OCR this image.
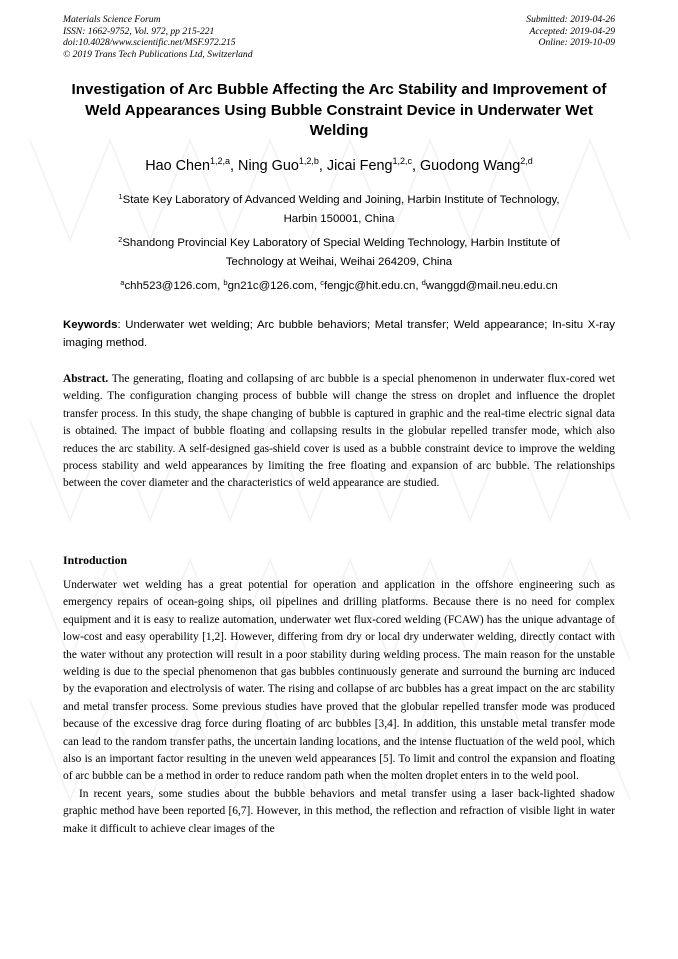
Materials Science Forum
ISSN: 1662-9752, Vol. 972, pp 215-221
doi:10.4028/www.scientific.net/MSF.972.215
© 2019 Trans Tech Publications Ltd, Switzerland
Submitted: 2019-04-26
Accepted: 2019-04-29
Online: 2019-10-09
Investigation of Arc Bubble Affecting the Arc Stability and Improvement of Weld Appearances Using Bubble Constraint Device in Underwater Wet Welding
Hao Chen$^{1,2,a}$, Ning Guo$^{1,2,b}$, Jicai Feng$^{1,2,c}$, Guodong Wang$^{2,d}$
$^1$State Key Laboratory of Advanced Welding and Joining, Harbin Institute of Technology,
Harbin 150001, China
$^2$Shandong Provincial Key Laboratory of Special Welding Technology, Harbin Institute of
Technology at Weihai, Weihai 264209, China
$^a$chh523@126.com, $^b$gn21c@126.com, $^c$fengjc@hit.edu.cn, $^d$wanggd@mail.neu.edu.cn
Keywords: Underwater wet welding; Arc bubble behaviors; Metal transfer; Weld appearance; In-situ X-ray imaging method.
Abstract. The generating, floating and collapsing of arc bubble is a special phenomenon in underwater flux-cored wet welding. The configuration changing process of bubble will change the stress on droplet and influence the droplet transfer process. In this study, the shape changing of bubble is captured in graphic and the real-time electric signal data is obtained. The impact of bubble floating and collapsing results in the globular repelled transfer mode, which also reduces the arc stability. A self-designed gas-shield cover is used as a bubble constraint device to improve the welding process stability and weld appearances by limiting the free floating and expansion of arc bubble. The relationships between the cover diameter and the characteristics of weld appearance are studied.
Introduction

Underwater wet welding has a great potential for operation and application in the offshore engineering such as emergency repairs of ocean-going ships, oil pipelines and drilling platforms. Because there is no need for complex equipment and it is easy to realize automation, underwater wet flux-cored welding (FCAW) has the unique advantage of low-cost and easy operability [1,2]. However, differing from dry or local dry underwater welding, directly contact with the water without any protection will result in a poor stability during welding process. The main reason for the unstable welding is due to the special phenomenon that gas bubbles continuously generate and surround the burning arc induced by the evaporation and electrolysis of water. The rising and collapse of arc bubbles has a great impact on the arc stability and metal transfer process. Some previous studies have proved that the globular repelled transfer mode was produced because of the excessive drag force during floating of arc bubbles [3,4]. In addition, this unstable metal transfer mode can lead to the random transfer paths, the uncertain landing locations, and the intense fluctuation of the weld pool, which also is an important factor resulting in the uneven weld appearances [5]. To limit and control the expansion and floating of arc bubble can be a method in order to reduce random path when the molten droplet enters in to the weld pool.

In recent years, some studies about the bubble behaviors and metal transfer using a laser back-lighted shadow graphic method have been reported [6,7]. However, in this method, the reflection and refraction of visible light in water make it difficult to achieve clear images of the
